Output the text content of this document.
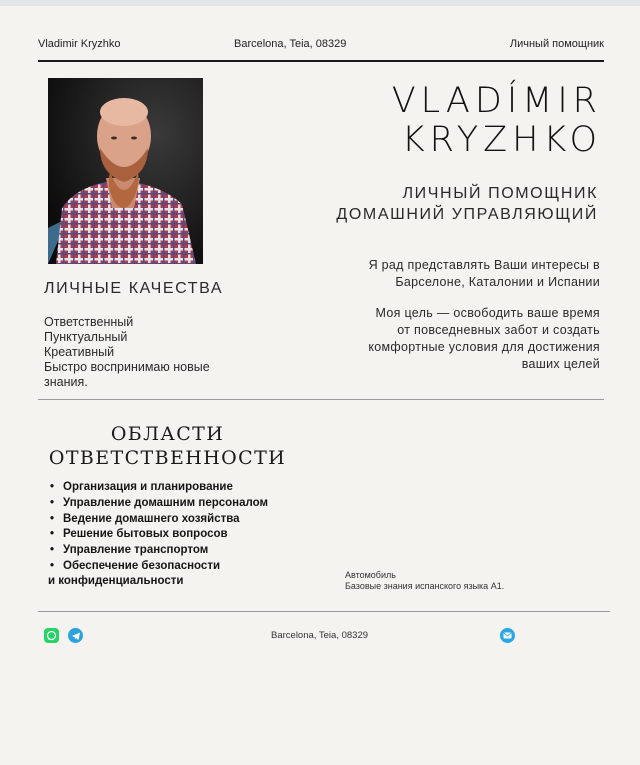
Vladimir Kryzhko	Barcelona, Teia, 08329	Личный помощник
VLADÍMIR
KRYZHKO
ЛИЧНЫЙ ПОМОЩНИК
ДОМАШНИЙ УПРАВЛЯЮЩИЙ

Я рад представлять Ваши интересы в
Барселоне, Каталонии и Испании

Моя цель — освободить ваше время
от повседневных забот и создать
комфортные условия для достижения
ваших целей

ЛИЧНЫЕ КАЧЕСТВА
Ответственный
Пунктуальный
Креативный
Быстро воспринимаю новые
знания.
ОБЛАСТИ
ОТВЕТСТВЕННОСТИ
• Организация и планирование
• Управление домашним персоналом
• Ведение домашнего хозяйства
• Решение бытовых вопросов
• Управление транспортом
• Обеспечение безопасности
и конфиденциальности	Автомобиль
Базовые знания испанского языка А1.
Barcelona, Teia, 08329
